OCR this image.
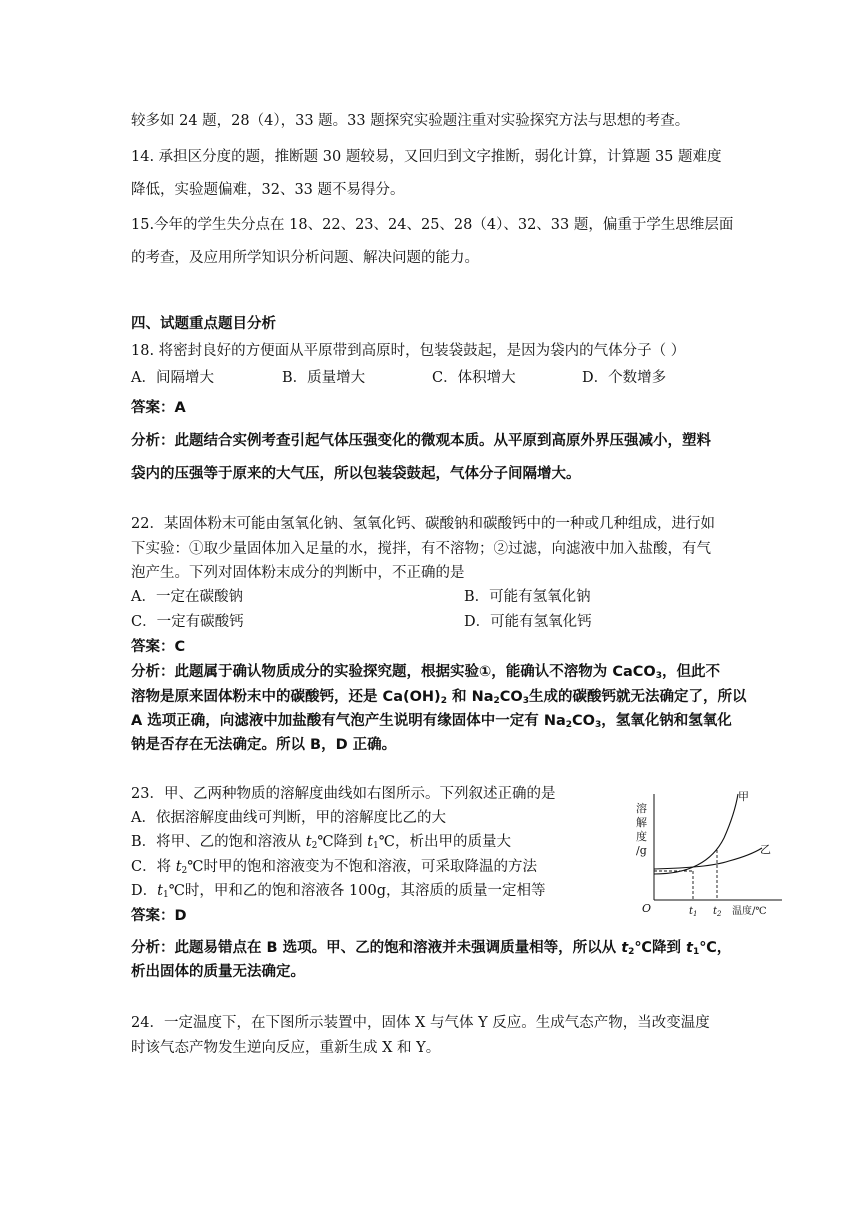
较多如 24 题，28（4），33 题。33 题探究实验题注重对实验探究方法与思想的考查。
14. 承担区分度的题，推断题 30 题较易，又回归到文字推断，弱化计算，计算题 35 题难度
降低，实验题偏难，32、33 题不易得分。
15.今年的学生失分点在 18、22、23、24、25、28（4）、32、33 题，偏重于学生思维层面
的考查，及应用所学知识分析问题、解决问题的能力。
四、试题重点题目分析
18. 将密封良好的方便面从平原带到高原时，包装袋鼓起，是因为袋内的气体分子（ ）
A．间隔增大	B．质量增大	C．体积增大	D．个数增多
答案：A
分析：此题结合实例考查引起气体压强变化的微观本质。从平原到高原外界压强减小，塑料
袋内的压强等于原来的大气压，所以包装袋鼓起，气体分子间隔增大。
22．某固体粉末可能由氢氧化钠、氢氧化钙、碳酸钠和碳酸钙中的一种或几种组成，进行如
下实验：①取少量固体加入足量的水，搅拌，有不溶物；②过滤，向滤液中加入盐酸，有气
泡产生。下列对固体粉末成分的判断中，不正确的是
A．一定在碳酸钠	B．可能有氢氧化钠
C．一定有碳酸钙	D．可能有氢氧化钙
答案：C
分析：此题属于确认物质成分的实验探究题，根据实验①，能确认不溶物为 CaCO$_3$，但此不
溶物是原来固体粉末中的碳酸钙，还是 $Ca(OH)_2$ 和 $Na_2CO_3$生成的碳酸钙就无法确定了，所以
A 选项正确，向滤液中加盐酸有气泡产生说明有缘固体中一定有 $Na_2CO_3$，氢氧化钠和氢氧化
钠是否存在无法确定。所以 B，D 正确。
23．甲、乙两种物质的溶解度曲线如右图所示。下列叙述正确的是
A．依据溶解度曲线可判断，甲的溶解度比乙的大
B．将甲、乙的饱和溶液从 $t_2℃$降到 $t_1℃$，析出甲的质量大
C．将 $t_2℃$时甲的饱和溶液变为不饱和溶液，可采取降温的方法
D．$t_1℃$时，甲和乙的饱和溶液各 100g，其溶质的质量一定相等
答案：D
分析：此题易错点在 B 选项。甲、乙的饱和溶液并未强调质量相等，所以从 $t_2℃$降到 $t_1℃$，
析出固体的质量无法确定。
溶
解
度
/g
O
甲
乙
$t_1$ $t_2$ 温度/℃
24．一定温度下，在下图所示装置中，固体 X 与气体 Y 反应。生成气态产物，当改变温度
时该气态产物发生逆向反应，重新生成 X 和 Y。
